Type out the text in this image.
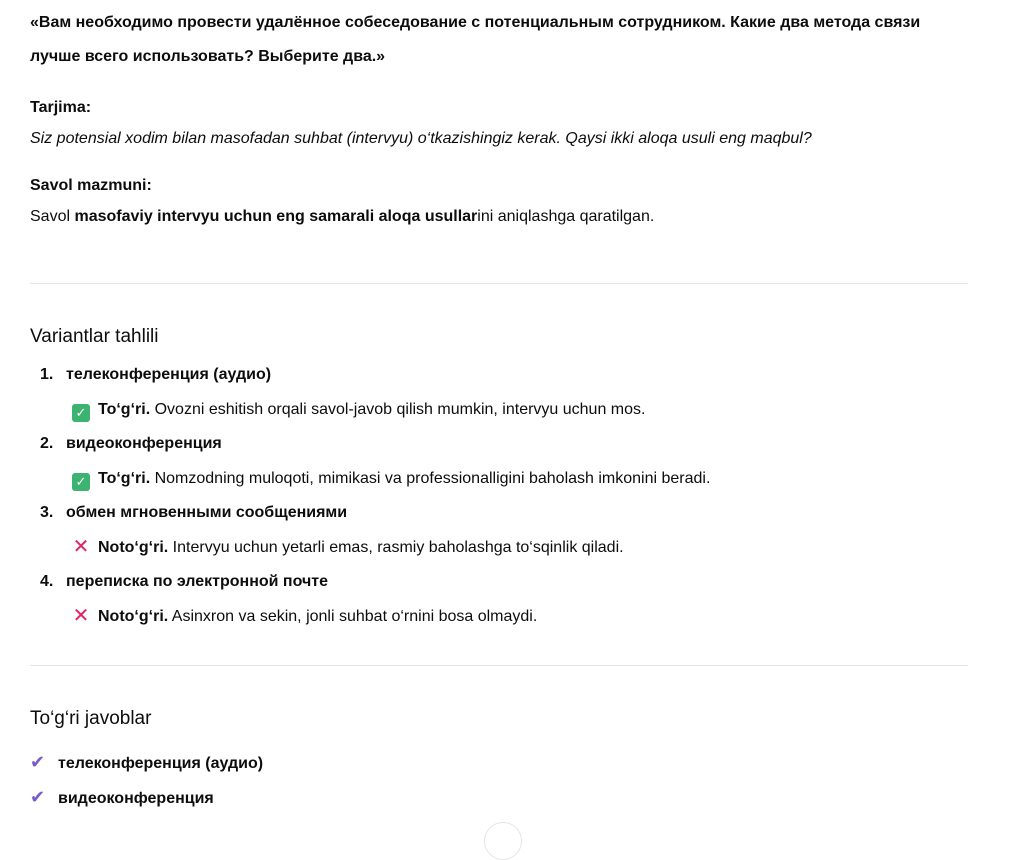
«Вам необходимо провести удалённое собеседование с потенциальным сотрудником. Какие два метода связи лучше всего использовать? Выберите два.»
Tarjima:
Siz potensial xodim bilan masofadan suhbat (intervyu) o‘tkazishingiz kerak. Qaysi ikki aloqa usuli eng maqbul?
Savol mazmuni:
Savol masofaviy intervyu uchun eng samarali aloqa usullarini aniqlashga qaratilgan.
Variantlar tahlili
1. телеконференция (аудио)
✓ To‘g‘ri. Ovozni eshitish orqali savol-javob qilish mumkin, intervyu uchun mos.
2. видеоконференция
✓ To‘g‘ri. Nomzodning muloqoti, mimikasi va professionalligini baholash imkonini beradi.
3. обмен мгновенными сообщениями
✕ Noto‘g‘ri. Intervyu uchun yetarli emas, rasmiy baholashga to‘sqinlik qiladi.
4. переписка по электронной почте
✕ Noto‘g‘ri. Asinxron va sekin, jonli suhbat o‘rnini bosa olmaydi.
To‘g‘ri javoblar
✔ телеконференция (аудио)
✔ видеоконференция
